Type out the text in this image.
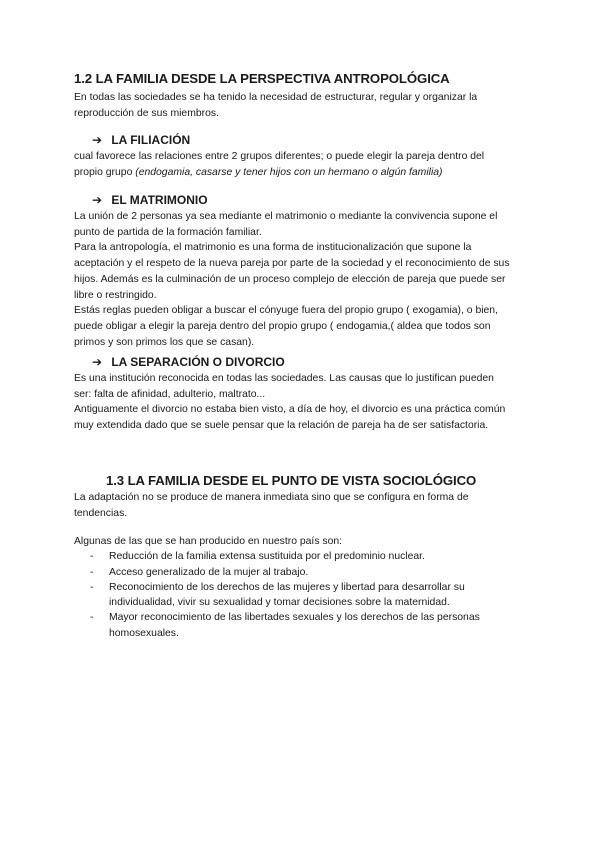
1.2 LA FAMILIA DESDE LA PERSPECTIVA ANTROPOLÓGICA

En todas las sociedades se ha tenido la necesidad de estructurar, regular y organizar la reproducción de sus miembros.

➔ LA FILIACIÓN

cual favorece las relaciones entre 2 grupos diferentes; o puede elegir la pareja dentro del propio grupo (endogamia, casarse y tener hijos con un hermano o algún familia)

➔ EL MATRIMONIO

La unión de 2 personas ya sea mediante el matrimonio o mediante la convivencia supone el punto de partida de la formación familiar.

Para la antropología, el matrimonio es una forma de institucionalización que supone la aceptación y el respeto de la nueva pareja por parte de la sociedad y el reconocimiento de sus hijos. Además es la culminación de un proceso complejo de elección de pareja que puede ser libre o restringido.

Estás reglas pueden obligar a buscar el cónyuge fuera del propio grupo ( exogamia), o bien, puede obligar a elegir la pareja dentro del propio grupo ( endogamia,( aldea que todos son primos y son primos los que se casan).

➔ LA SEPARACIÓN O DIVORCIO

Es una institución reconocida en todas las sociedades. Las causas que lo justifican pueden ser: falta de afinidad, adulterio, maltrato...

Antiguamente el divorcio no estaba bien visto, a día de hoy, el divorcio es una práctica común muy extendida dado que se suele pensar que la relación de pareja ha de ser satisfactoria.

1.3 LA FAMILIA DESDE EL PUNTO DE VISTA SOCIOLÓGICO

La adaptación no se produce de manera inmediata sino que se configura en forma de tendencias.

Algunas de las que se han producido en nuestro país son:

- Reducción de la familia extensa sustituida por el predominio nuclear.
- Acceso generalizado de la mujer al trabajo.
- Reconocimiento de los derechos de las mujeres y libertad para desarrollar su individualidad, vivir su sexualidad y tomar decisiones sobre la maternidad.
- Mayor reconocimiento de las libertades sexuales y los derechos de las personas homosexuales.
